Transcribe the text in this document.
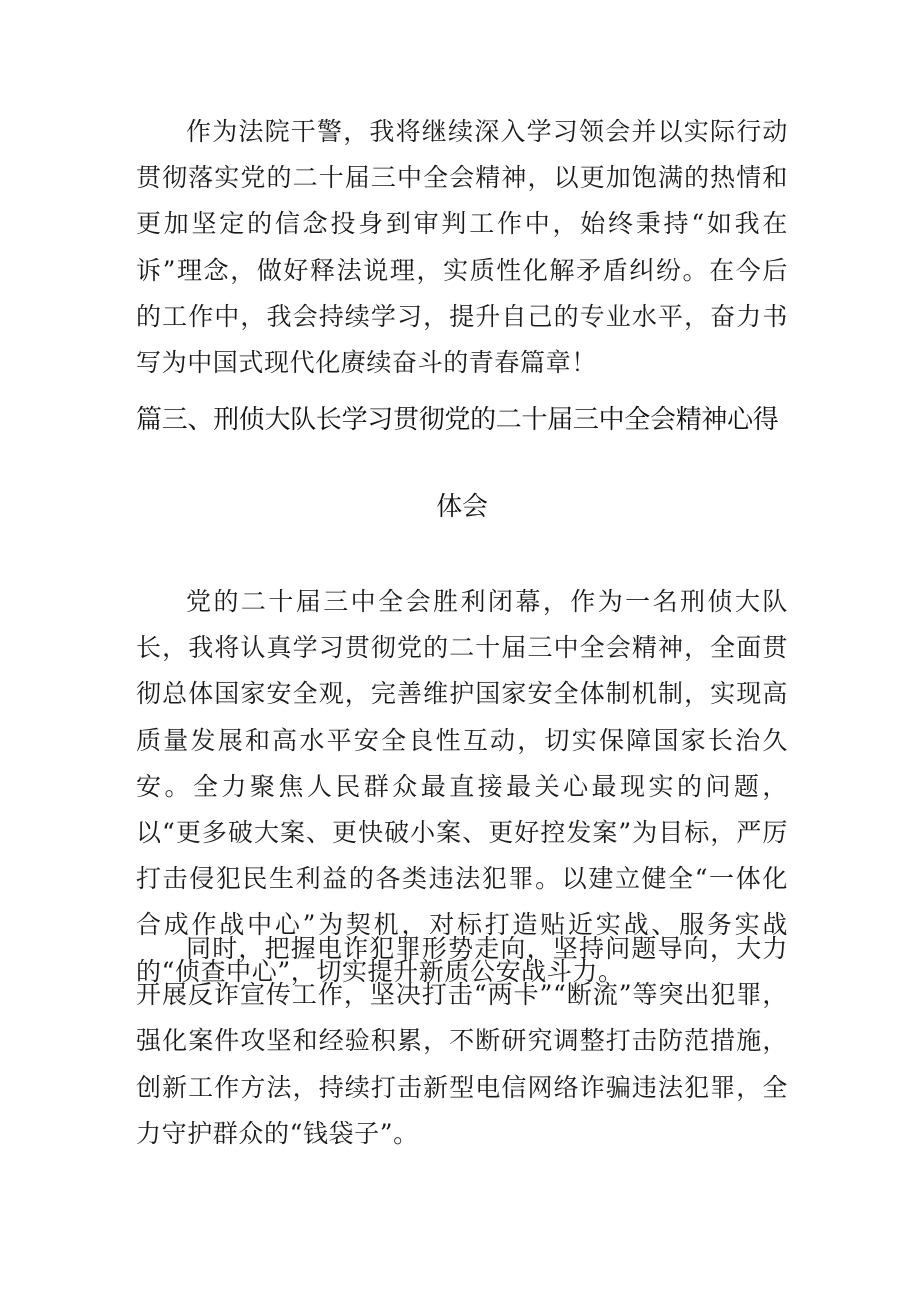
作为法院干警，我将继续深入学习领会并以实际行动贯彻落实党的二十届三中全会精神，以更加饱满的热情和更加坚定的信念投身到审判工作中，始终秉持“如我在诉”理念，做好释法说理，实质性化解矛盾纠纷。在今后的工作中，我会持续学习，提升自己的专业水平，奋力书写为中国式现代化赓续奋斗的青春篇章！

篇三、刑侦大队长学习贯彻党的二十届三中全会精神心得
体会

党的二十届三中全会胜利闭幕，作为一名刑侦大队长，我将认真学习贯彻党的二十届三中全会精神，全面贯彻总体国家安全观，完善维护国家安全体制机制，实现高质量发展和高水平安全良性互动，切实保障国家长治久安。全力聚焦人民群众最直接最关心最现实的问题，以“更多破大案、更快破小案、更好控发案”为目标，严厉打击侵犯民生利益的各类违法犯罪。以建立健全“一体化合成作战中心”为契机，对标打造贴近实战、服务实战的“侦查中心”，切实提升新质公安战斗力。

同时，把握电诈犯罪形势走向，坚持问题导向，大力开展反诈宣传工作，坚决打击“两卡”“断流”等突出犯罪，强化案件攻坚和经验积累，不断研究调整打击防范措施，创新工作方法，持续打击新型电信网络诈骗违法犯罪，全力守护群众的“钱袋子”。
